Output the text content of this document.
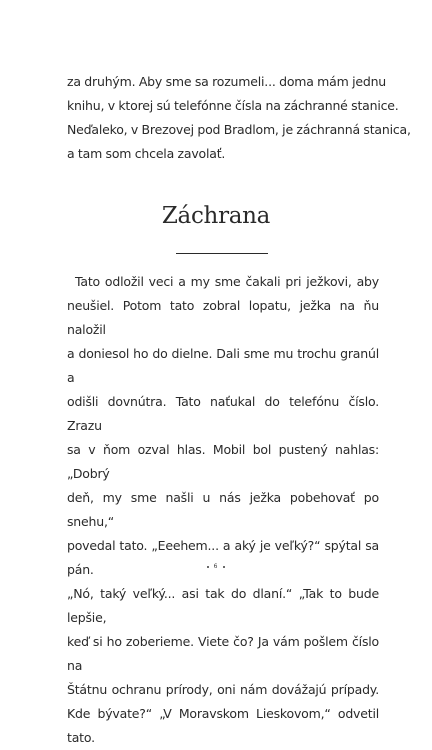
za druhým. Aby sme sa rozumeli... doma mám jednu
knihu, v ktorej sú telefónne čísla na záchranné stanice.
Neďaleko, v Brezovej pod Bradlom, je záchranná stanica,
a tam som chcela zavolať.

Záchrana

Tato odložil veci a my sme čakali pri ježkovi, aby
neušiel. Potom tato zobral lopatu, ježka na ňu naložil
a doniesol ho do dielne. Dali sme mu trochu granúl a
odišli dovnútra. Tato naťukal do telefónu číslo. Zrazu
sa v ňom ozval hlas. Mobil bol pustený nahlas: „Dobrý
deň, my sme našli u nás ježka pobehovať po snehu,“
povedal tato. „Eeehem... a aký je veľký?“ spýtal sa pán.
„Nó, taký veľký... asi tak do dlaní.“ „Tak to bude lepšie,
keď si ho zoberieme. Viete čo? Ja vám pošlem číslo na
Štátnu ochranu prírody, oni nám dovážajú prípady.
Kde bývate?“ „V Moravskom Lieskovom,“ odvetil tato.

6
